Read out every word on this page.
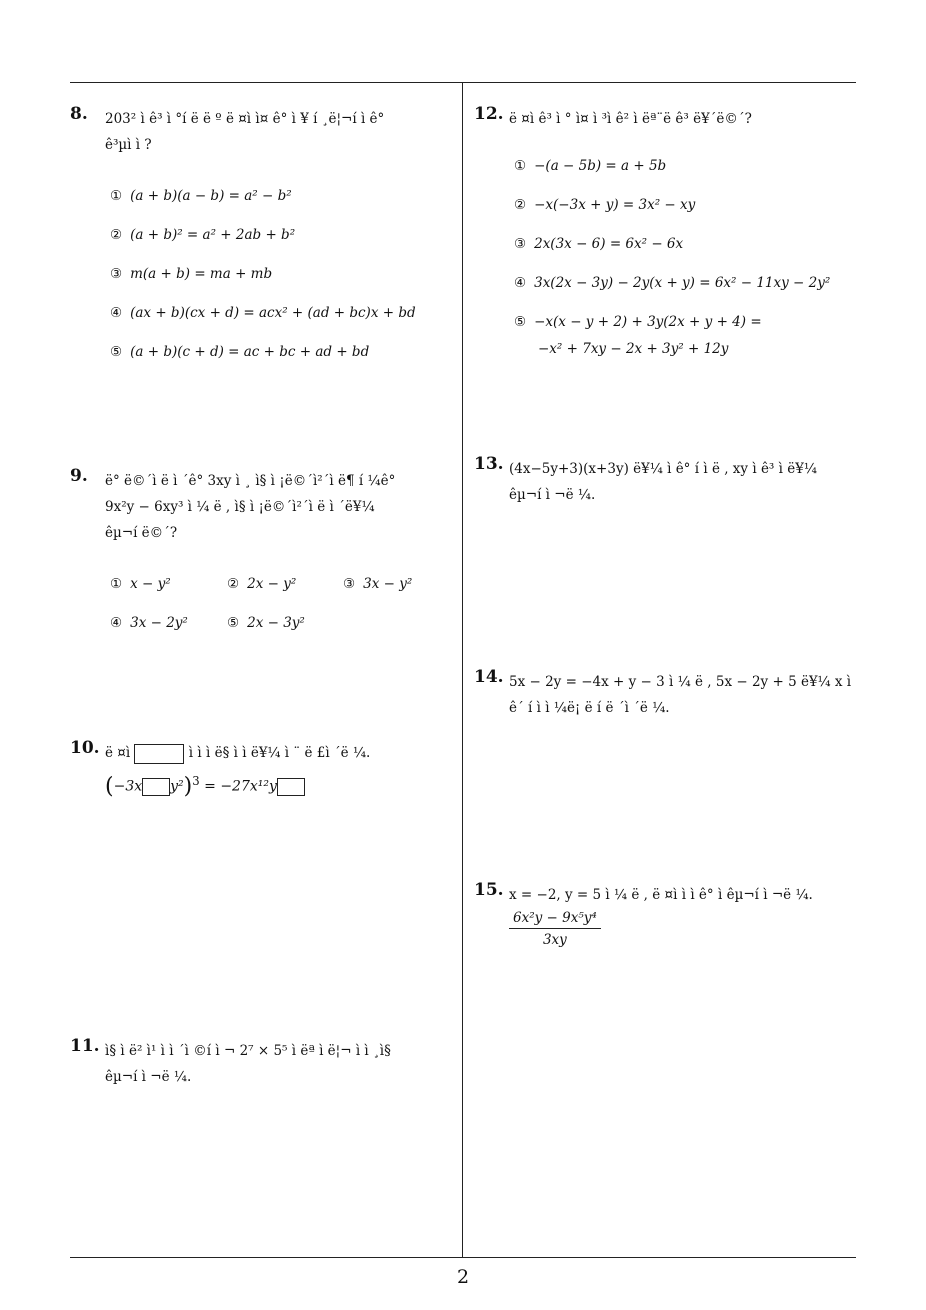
8. 203² ì ê³ ì °í ë ë º ë ¤ì ì¤ ê° ì ¥ í ¸ë¦¬í ì ê°
ê³µì ì ?
① (a + b)(a − b) = a² − b²
② (a + b)² = a² + 2ab + b²
③ m(a + b) = ma + mb
④ (ax + b)(cx + d) = acx² + (ad + bc)x + bd
⑤ (a + b)(c + d) = ac + bc + ad + bd
9. ë° ë©´ì ë ì ´ê° 3xy ì ¸ ì§ ì ¡ë©´ì²´ì ë¶ í ¼ê°
9x²y − 6xy³ ì ¼ ë , ì§ ì ¡ë©´ì²´ì ë ì ´ë¥¼
êµ¬í ë©´?
① x − y²	② 2x − y²	③ 3x − y²
④ 3x − 2y²	⑤ 2x − 3y²
10. ë ¤ì	ì ì ì ë§ ì ì ë¥¼ ì ¨ ë £ì ´ë ¼.
(−3x y²)$^3$ = −27x¹²y
11. ì§ ì ë² ì¹ ì ì ´ì ©í ì ¬ 2⁷ × 5⁵ ì ëª ì ë¦¬ ì ì ¸ì§
êµ¬í ì ¬ë ¼.
12. ë ¤ì ê³ ì ° ì¤ ì ³ì ê² ì ëª¨ë ê³ ë¥´ë©´?
① −(a − 5b) = a + 5b
② −x(−3x + y) = 3x² − xy
③ 2x(3x − 6) = 6x² − 6x
④ 3x(2x − 3y) − 2y(x + y) = 6x² − 11xy − 2y²
⑤ −x(x − y + 2) + 3y(2x + y + 4) =
−x² + 7xy − 2x + 3y² + 12y
13. (4x−5y+3)(x+3y) ë¥¼ ì ê° í ì ë , xy ì ê³ ì ë¥¼
êµ¬í ì ¬ë ¼.
14. 5x − 2y = −4x + y − 3 ì ¼ ë , 5x − 2y + 5 ë¥¼ x ì
ê´ í ì ì ¼ë¡ ë í ë ´ì ´ë ¼.
15. x = −2, y = 5 ì ¼ ë , ë ¤ì ì ì ê° ì êµ¬í ì ¬ë ¼.
$\frac{\text{6x²y − 9x⁵y⁴}}{3xy}$
2
